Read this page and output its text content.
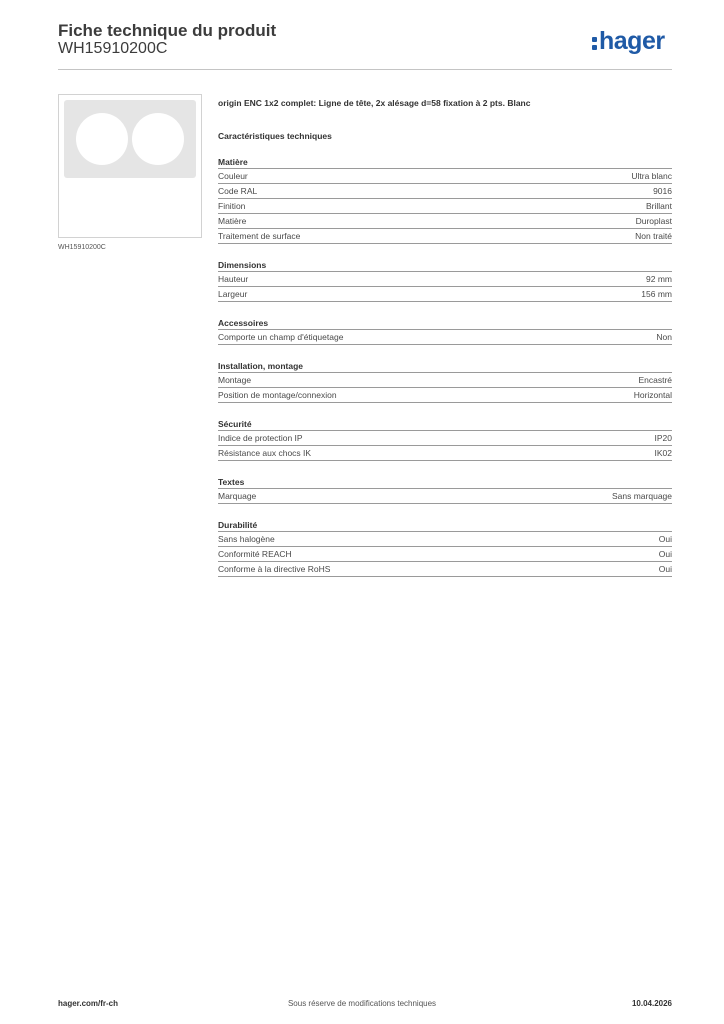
Fiche technique du produit
WH15910200C	hager
WH15910200C
origin ENC 1x2 complet: Ligne de tête, 2x alésage d=58 fixation à 2 pts. Blanc
Caractéristiques techniques
Matière
Couleur	Ultra blanc
Code RAL	9016
Finition	Brillant
Matière	Duroplast
Traitement de surface	Non traité
Dimensions
Hauteur	92 mm
Largeur	156 mm
Accessoires
Comporte un champ d'étiquetage	Non
Installation, montage
Montage	Encastré
Position de montage/connexion	Horizontal
Sécurité
Indice de protection IP	IP20
Résistance aux chocs IK	IK02
Textes
Marquage	Sans marquage
Durabilité
Sans halogène	Oui
Conformité REACH	Oui
Conforme à la directive RoHS	Oui
hager.com/fr-ch	Sous réserve de modifications techniques	10.04.2026
